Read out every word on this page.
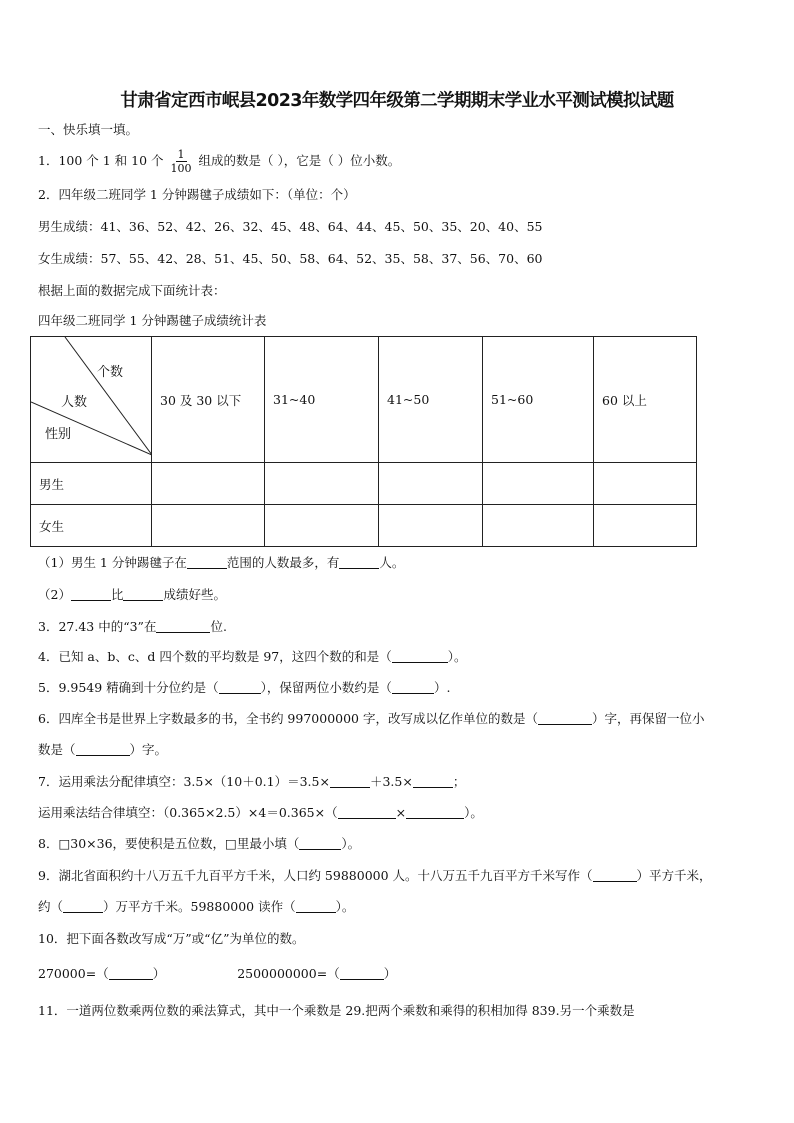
甘肃省定西市岷县2023年数学四年级第二学期期末学业水平测试模拟试题
一、快乐填一填。
1．100 个 1 和 10 个 $\frac{1}{100}$ 组成的数是（ ），它是（ ）位小数。
2．四年级二班同学 1 分钟踢毽子成绩如下：（单位：个）
男生成绩：41、36、52、42、26、32、45、48、64、44、45、50、35、20、40、55
女生成绩：57、55、42、28、51、45、50、58、64、52、35、58、37、56、70、60
根据上面的数据完成下面统计表：
四年级二班同学 1 分钟踢毽子成绩统计表
个数
人数
性别	30 及 30 以下	31~40	41~50	51~60	60 以上
男生					
女生					
（1）男生 1 分钟踢毽子在	范围的人数最多，有	人。
（2）	比	成绩好些。
3．27.43 中的“3”在	位.
4．已知 a、b、c、d 四个数的平均数是 97，这四个数的和是（	）。
5．9.9549 精确到十分位约是（	），保留两位小数约是（	）.
6．四库全书是世界上字数最多的书，全书约 997000000 字，改写成以亿作单位的数是（	）字，再保留一位小
数是（	）字。
7．运用乘法分配律填空：3.5×（10＋0.1）＝3.5×	＋3.5×	；
运用乘法结合律填空：（0.365×2.5）×4＝0.365×（	×	）。
8．□30×36，要使积是五位数，□里最小填（	）。
9．湖北省面积约十八万五千九百平方千米，人口约 59880000 人。十八万五千九百平方千米写作（	）平方千米，
约（	）万平方千米。59880000 读作（	）。
10．把下面各数改写成“万”或“亿”为单位的数。
270000=（	）	2500000000=（	）
11．一道两位数乘两位数的乘法算式，其中一个乘数是 29.把两个乘数和乘得的积相加得 839.另一个乘数是
